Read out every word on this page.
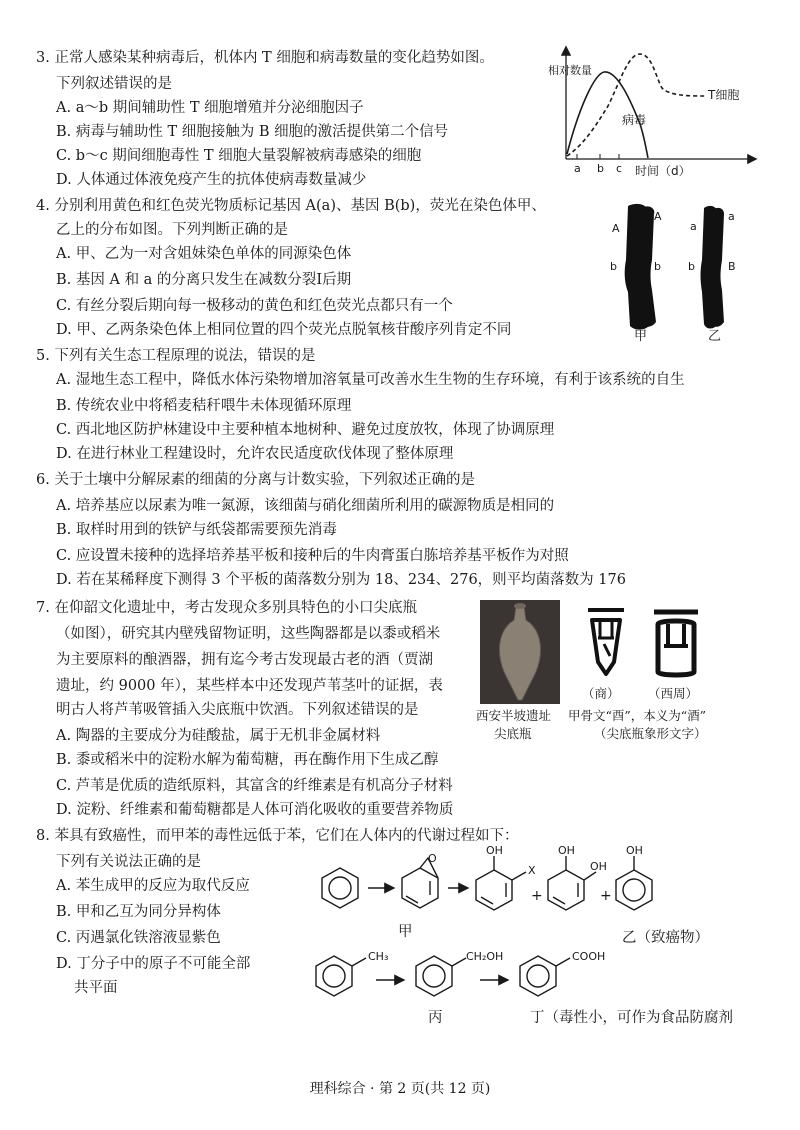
3. 正常人感染某种病毒后，机体内 T 细胞和病毒数量的变化趋势如图。
下列叙述错误的是
A. a～b 期间辅助性 T 细胞增殖并分泌细胞因子
B. 病毒与辅助性 T 细胞接触为 B 细胞的激活提供第二个信号
C. b～c 期间细胞毒性 T 细胞大量裂解被病毒感染的细胞
D. 人体通过体液免疫产生的抗体使病毒数量减少
相对数量
T细胞
病毒
a b c 时间（d）
4. 分别利用黄色和红色荧光物质标记基因 A(a)、基因 B(b)，荧光在染色体甲、
乙上的分布如图。下列判断正确的是
A. 甲、乙为一对含姐妹染色单体的同源染色体
B. 基因 A 和 a 的分离只发生在减数分裂Ⅰ后期
C. 有丝分裂后期向每一极移动的黄色和红色荧光点都只有一个
D. 甲、乙两条染色体上相同位置的四个荧光点脱氧核苷酸序列肯定不同
A
A
b	b
甲
a
a
b	B
乙
5. 下列有关生态工程原理的说法，错误的是
A. 湿地生态工程中，降低水体污染物增加溶氧量可改善水生生物的生存环境，有利于该系统的自生
B. 传统农业中将稻麦秸秆喂牛未体现循环原理
C. 西北地区防护林建设中主要种植本地树种、避免过度放牧，体现了协调原理
D. 在进行林业工程建设时，允许农民适度砍伐体现了整体原理
6. 关于土壤中分解尿素的细菌的分离与计数实验，下列叙述正确的是
A. 培养基应以尿素为唯一氮源，该细菌与硝化细菌所利用的碳源物质是相同的
B. 取样时用到的铁铲与纸袋都需要预先消毒
C. 应设置未接种的选择培养基平板和接种后的牛肉膏蛋白胨培养基平板作为对照
D. 若在某稀释度下测得 3 个平板的菌落数分别为 18、234、276，则平均菌落数为 176
7. 在仰韶文化遗址中，考古发现众多别具特色的小口尖底瓶
（如图），研究其内壁残留物证明，这些陶器都是以黍或稻米
为主要原料的酿酒器，拥有迄今考古发现最古老的酒（贾湖
遗址，约 9000 年），某些样本中还发现芦苇茎叶的证据，表
明古人将芦苇吸管插入尖底瓶中饮酒。下列叙述错误的是
A. 陶器的主要成分为硅酸盐，属于无机非金属材料
B. 黍或稻米中的淀粉水解为葡萄糖，再在酶作用下生成乙醇
C. 芦苇是优质的造纸原料，其富含的纤维素是有机高分子材料
D. 淀粉、纤维素和葡萄糖都是人体可消化吸收的重要营养物质
西安半坡遗址
尖底瓶
（商） （西周）
甲骨文“酉”，本义为“酒”
（尖底瓶象形文字）
8. 苯具有致癌性，而甲苯的毒性远低于苯，它们在人体内的代谢过程如下：
下列有关说法正确的是
A. 苯生成甲的反应为取代反应
B. 甲和乙互为同分异构体
C. 丙遇氯化铁溶液显紫色
D. 丁分子中的原子不可能全部
共平面
O
OH
X
+
OH
OH
+
OH
CH₃	CH₂OH	COOH
甲	乙（致癌物）
丙	丁（毒性小，可作为食品防腐剂
理科综合 · 第 2 页(共 12 页)
